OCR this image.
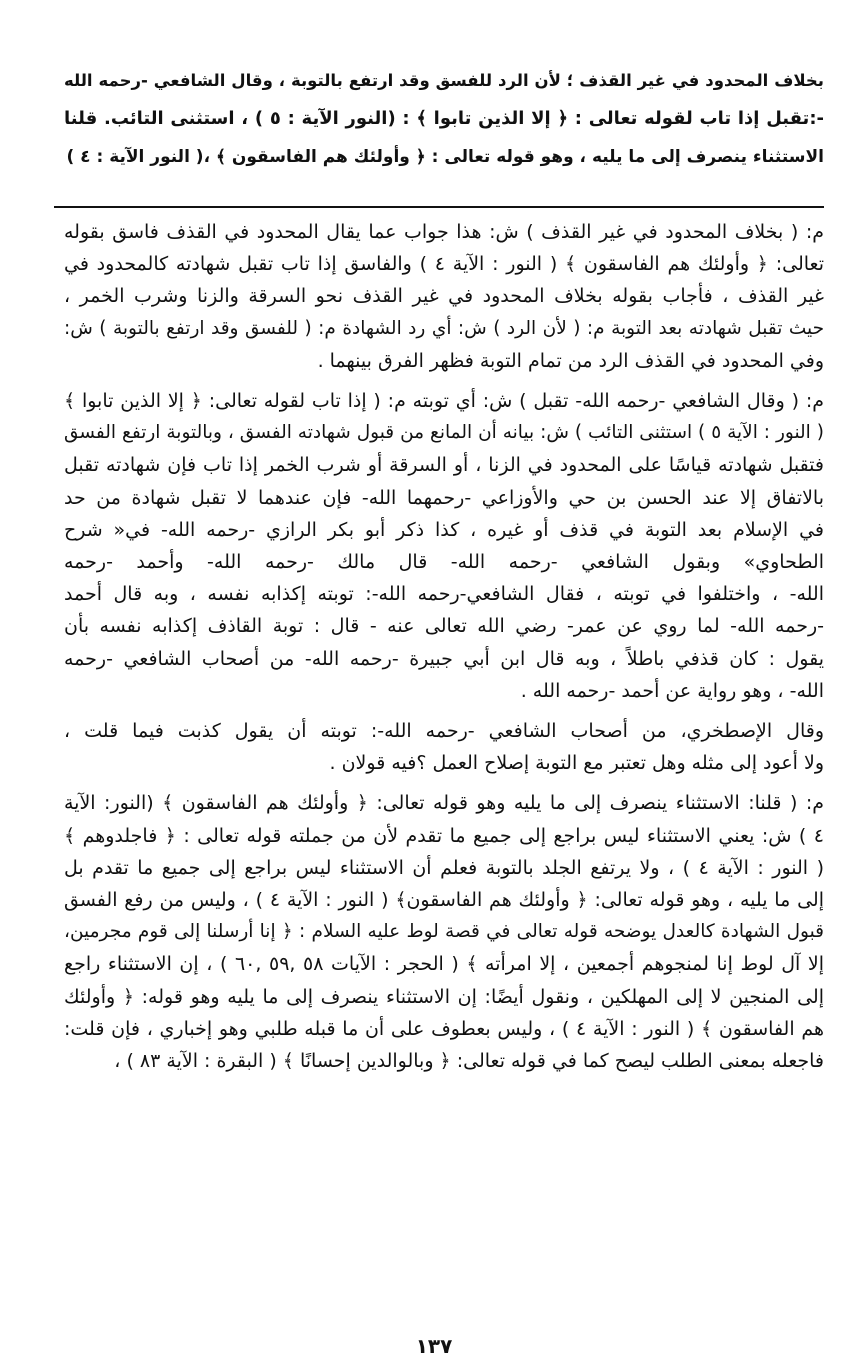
بخلاف المحدود في غير القذف ؛ لأن الرد للفسق وقد ارتفع بالتوبة ، وقال الشافعي -رحمه الله

-:تقبل إذا تاب لقوله تعالى : ﴿ إلا الذين تابوا ﴾ : (النور الآية : ٥ ) ، استثنى التائب. قلنا

الاستثناء ينصرف إلى ما يليه ، وهو قوله تعالى : ﴿ وأولئك هم الفاسقون ﴾ ،( النور الآية : ٤ )

م: ( بخلاف المحدود في غير القذف ) ش: هذا جواب عما يقال المحدود في القذف فاسق بقوله

تعالى: ﴿ وأولئك هم الفاسقون ﴾ ( النور : الآية ٤ ) والفاسق إذا تاب تقبل شهادته كالمحدود في

غير القذف ، فأجاب بقوله بخلاف المحدود في غير القذف نحو السرقة والزنا وشرب الخمر ،

حيث تقبل شهادته بعد التوبة م: ( لأن الرد ) ش: أي رد الشهادة م: ( للفسق وقد ارتفع بالتوبة ) ش:

وفي المحدود في القذف الرد من تمام التوبة فظهر الفرق بينهما .

م: ( وقال الشافعي -رحمه الله- تقبل ) ش: أي توبته م: ( إذا تاب لقوله تعالى: ﴿ إلا الذين تابوا ﴾

( النور : الآية ٥ ) استثنى التائب ) ش: بيانه أن المانع من قبول شهادته الفسق ، وبالتوبة ارتفع الفسق

فتقبل شهادته قياسًا على المحدود في الزنا ، أو السرقة أو شرب الخمر إذا تاب فإن شهادته تقبل

بالاتفاق إلا عند الحسن بن حي والأوزاعي -رحمهما الله- فإن عندهما لا تقبل شهادة من حد

في الإسلام بعد التوبة في قذف أو غيره ، كذا ذكر أبو بكر الرازي -رحمه الله- في« شرح

الطحاوي» وبقول الشافعي -رحمه الله- قال مالك -رحمه الله- وأحمد -رحمه

الله- ، واختلفوا في توبته ، فقال الشافعي-رحمه الله-: توبته إكذابه نفسه ، وبه قال أحمد

-رحمه الله- لما روي عن عمر- رضي الله تعالى عنه - قال : توبة القاذف إكذابه نفسه بأن

يقول : كان قذفي باطلاً ، وبه قال ابن أبي جبيرة -رحمه الله- من أصحاب الشافعي -رحمه

الله- ، وهو رواية عن أحمد -رحمه الله .

وقال الإصطخري، من أصحاب الشافعي -رحمه الله-: توبته أن يقول كذبت فيما قلت ،

ولا أعود إلى مثله وهل تعتبر مع التوبة إصلاح العمل ؟فيه قولان .

م: ( قلنا: الاستثناء ينصرف إلى ما يليه وهو قوله تعالى: ﴿ وأولئك هم الفاسقون ﴾ (النور: الآية

٤ ) ش: يعني الاستثناء ليس براجع إلى جميع ما تقدم لأن من جملته قوله تعالى : ﴿ فاجلدوهم ﴾

( النور : الآية ٤ ) ، ولا يرتفع الجلد بالتوبة فعلم أن الاستثناء ليس براجع إلى جميع ما تقدم بل

إلى ما يليه ، وهو قوله تعالى: ﴿ وأولئك هم الفاسقون﴾ ( النور : الآية ٤ ) ، وليس من رفع الفسق

قبول الشهادة كالعدل يوضحه قوله تعالى في قصة لوط عليه السلام : ﴿ إنا أرسلنا إلى قوم مجرمين،

إلا آل لوط إنا لمنجوهم أجمعين ، إلا امرأته ﴾ ( الحجر : الآيات ٥٨ ,٥٩ ,٦٠ ) ، إن الاستثناء راجع

إلى المنجين لا إلى المهلكين ، ونقول أيضًا: إن الاستثناء ينصرف إلى ما يليه وهو قوله: ﴿ وأولئك

هم الفاسقون ﴾ ( النور : الآية ٤ ) ، وليس بعطوف على أن ما قبله طلبي وهو إخباري ، فإن قلت:

فاجعله بمعنى الطلب ليصح كما في قوله تعالى: ﴿ وبالوالدين إحسانًا ﴾ ( البقرة : الآية ٨٣ ) ،

١٣٧
